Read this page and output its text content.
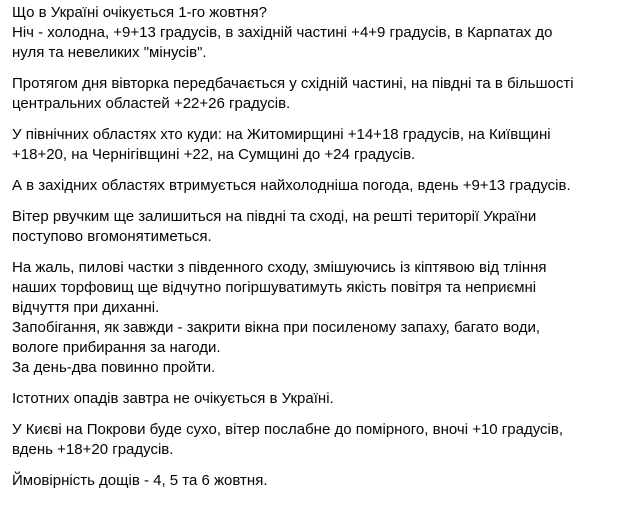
Що в Україні очікується 1-го жовтня?
Ніч - холодна, +9+13 градусів, в західній частині +4+9 градусів, в Карпатах до
нуля та невеликих "мінусів".
Протягом дня вівторка передбачається у східній частині, на півдні та в більшості
центральних областей +22+26 градусів.
У північних областях хто куди: на Житомирщині +14+18 градусів, на Київщині
+18+20, на Чернігівщині +22, на Сумщині до +24 градусів.
А в західних областях втримується найхолодніша погода, вдень +9+13 градусів.
Вітер рвучким ще залишиться на півдні та сході, на решті території України
поступово вгомонятиметься.
На жаль, пилові частки з південного сходу, змішуючись із кіптявою від тління
наших торфовищ ще відчутно погіршуватимуть якість повітря та неприємні
відчуття при диханні.
Запобігання, як завжди - закрити вікна при посиленому запаху, багато води,
вологе прибирання за нагоди.
За день-два повинно пройти.
Істотних опадів завтра не очікується в Україні.
У Києві на Покрови буде сухо, вітер послабне до помірного, вночі +10 градусів,
вдень +18+20 градусів.
Ймовірність дощів - 4, 5 та 6 жовтня.
